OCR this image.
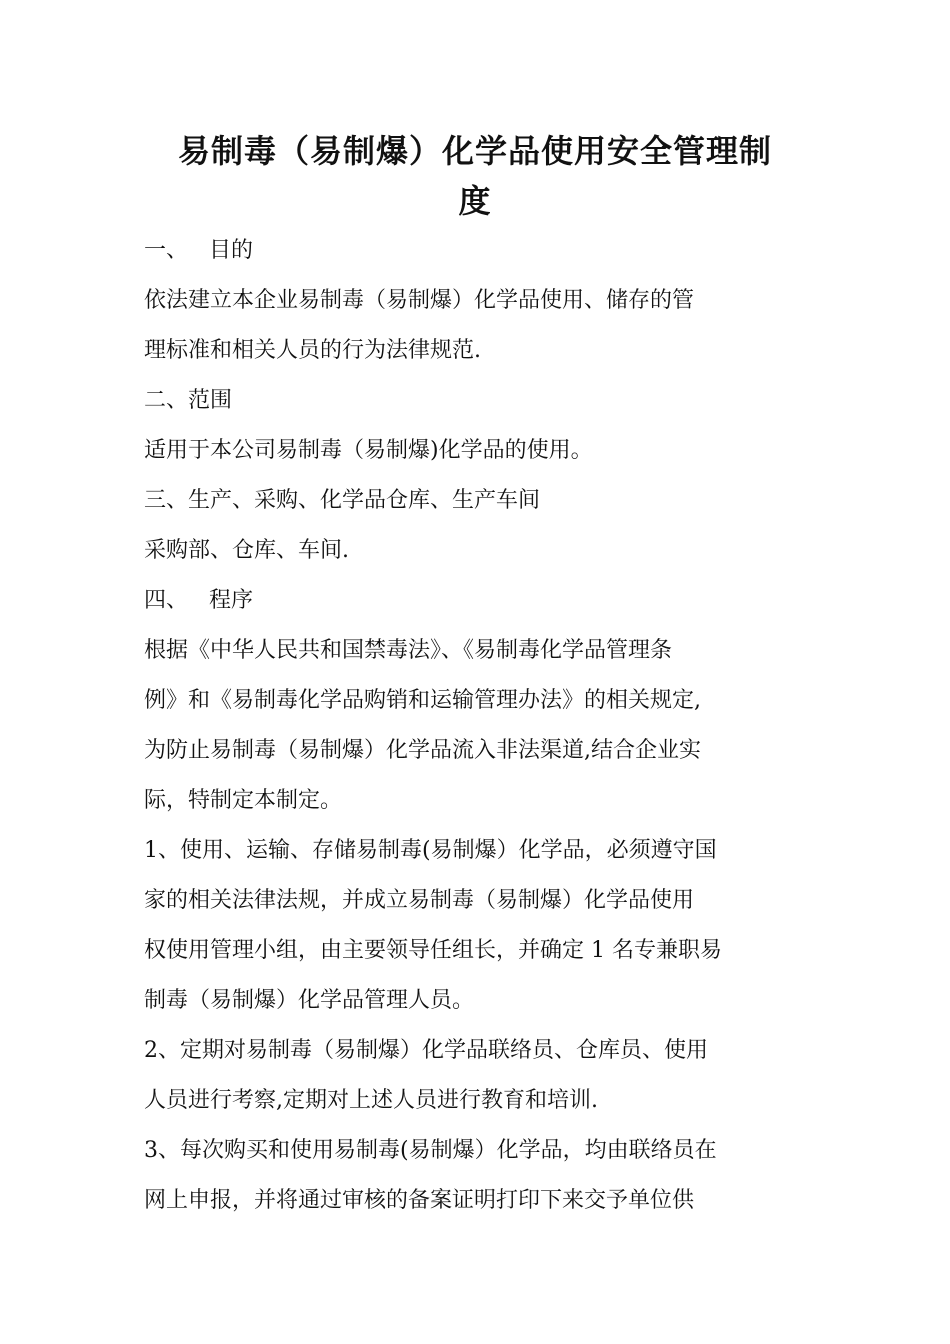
易制毒（易制爆）化学品使用安全管理制
度

一、   目的

依法建立本企业易制毒（易制爆）化学品使用、储存的管

理标准和相关人员的行为法律规范.

二、范围

适用于本公司易制毒（易制爆)化学品的使用。

三、生产、采购、化学品仓库、生产车间

采购部、仓库、车间.

四、   程序

根据《中华人民共和国禁毒法》、《易制毒化学品管理条

例》和《易制毒化学品购销和运输管理办法》的相关规定,

为防止易制毒（易制爆）化学品流入非法渠道,结合企业实

际，特制定本制定。

1、使用、运输、存储易制毒(易制爆）化学品，必须遵守国

家的相关法律法规，并成立易制毒（易制爆）化学品使用

权使用管理小组，由主要领导任组长，并确定 1 名专兼职易

制毒（易制爆）化学品管理人员。

2、定期对易制毒（易制爆）化学品联络员、仓库员、使用

人员进行考察,定期对上述人员进行教育和培训.

3、每次购买和使用易制毒(易制爆）化学品，均由联络员在

网上申报，并将通过审核的备案证明打印下来交予单位供
